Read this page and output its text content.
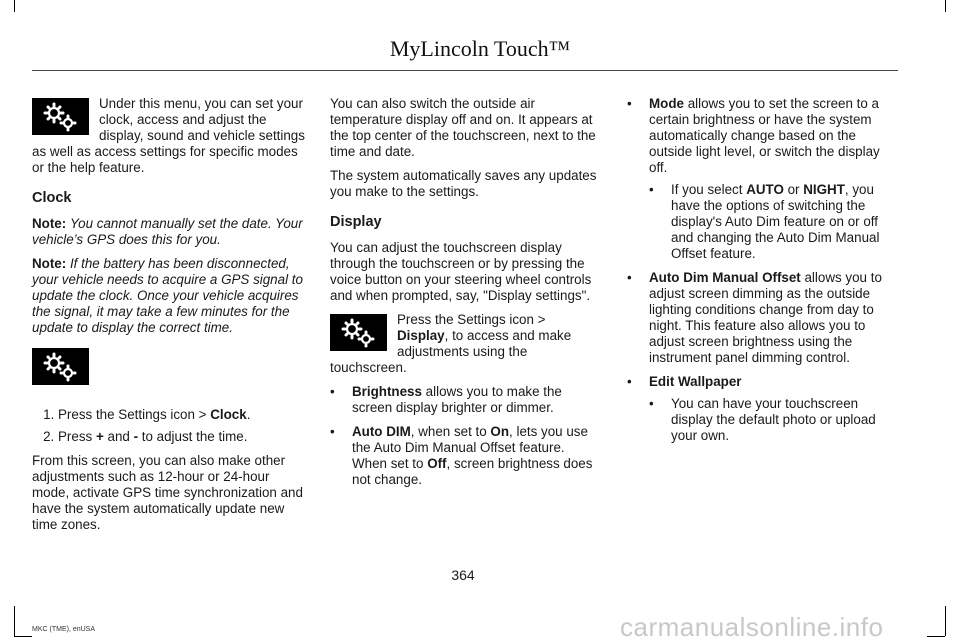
MyLincoln Touch™

Under this menu, you can set your clock, access and adjust the display, sound and vehicle settings as well as access settings for specific modes or the help feature.

Clock

Note: You cannot manually set the date. Your vehicle’s GPS does this for you.

Note: If the battery has been disconnected, your vehicle needs to acquire a GPS signal to update the clock. Once your vehicle acquires the signal, it may take a few minutes for the update to display the correct time.

1. Press the Settings icon > Clock.
2. Press + and - to adjust the time.

From this screen, you can also make other adjustments such as 12-hour or 24-hour mode, activate GPS time synchronization and have the system automatically update new time zones.

You can also switch the outside air temperature display off and on. It appears at the top center of the touchscreen, next to the time and date.

The system automatically saves any updates you make to the settings.

Display

You can adjust the touchscreen display through the touchscreen or by pressing the voice button on your steering wheel controls and when prompted, say, "Display settings".

Press the Settings icon > Display, to access and make adjustments using the touchscreen.

• Brightness allows you to make the screen display brighter or dimmer.
• Auto DIM, when set to On, lets you use the Auto Dim Manual Offset feature. When set to Off, screen brightness does not change.
• Mode allows you to set the screen to a certain brightness or have the system automatically change based on the outside light level, or switch the display off.
• If you select AUTO or NIGHT, you have the options of switching the display's Auto Dim feature on or off and changing the Auto Dim Manual Offset feature.
• Auto Dim Manual Offset allows you to adjust screen dimming as the outside lighting conditions change from day to night. This feature also allows you to adjust screen brightness using the instrument panel dimming control.
• Edit Wallpaper
• You can have your touchscreen display the default photo or upload your own.
364
MKC (TME), enUSA	carmanualsonline.info
